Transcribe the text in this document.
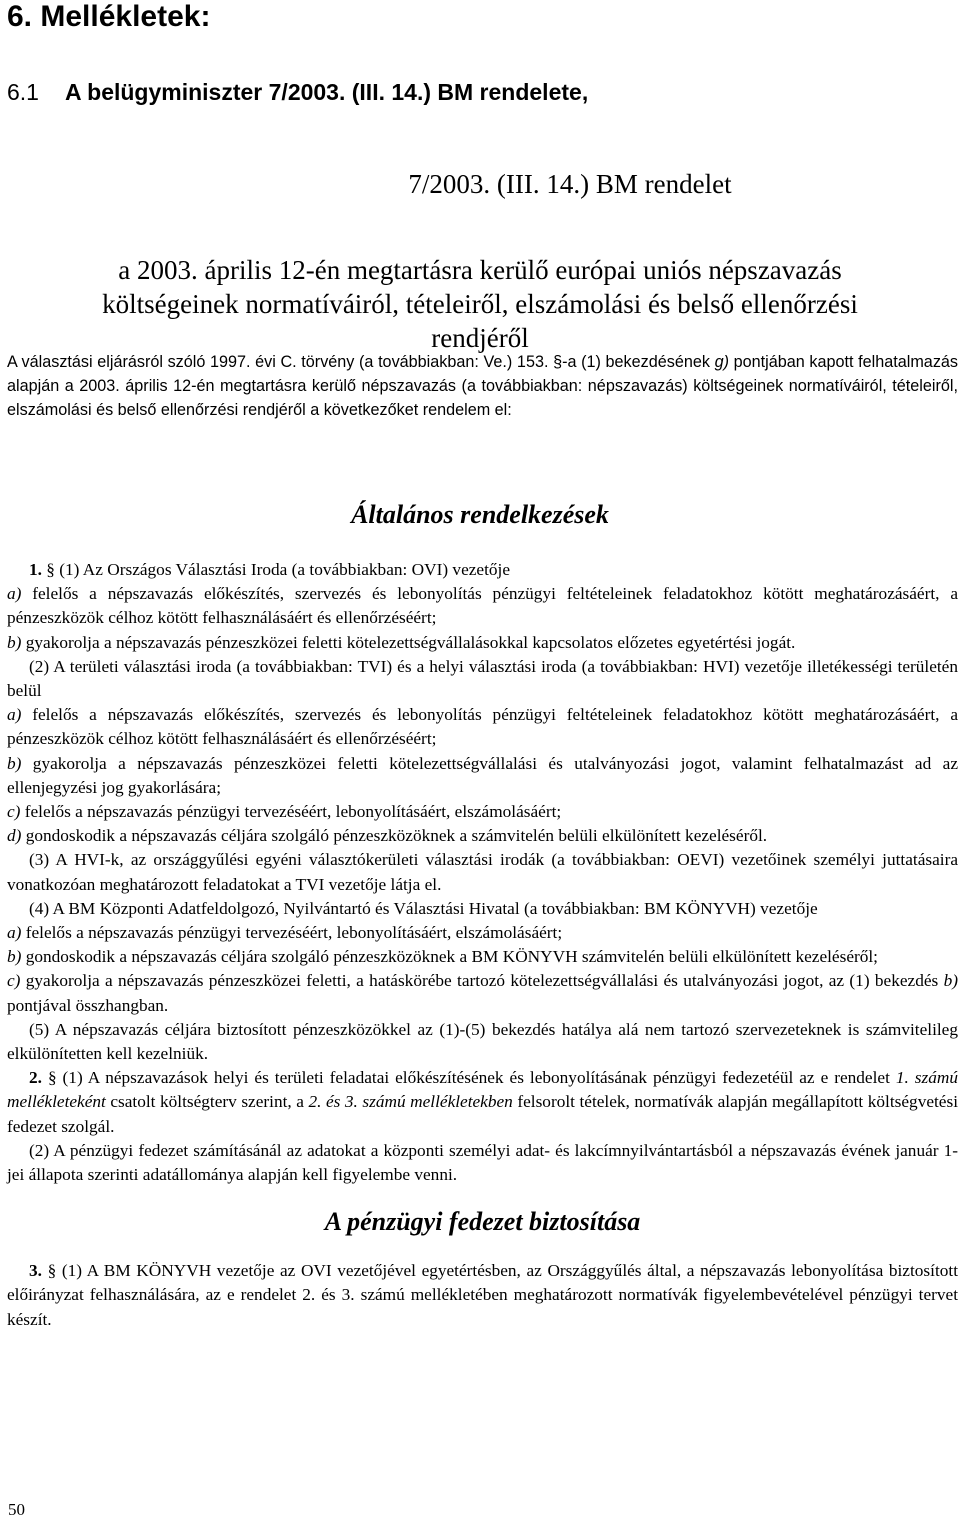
6. Mellékletek:
6.1 A belügyminiszter 7/2003. (III. 14.) BM rendelete,
7/2003. (III. 14.) BM rendelet
a 2003. április 12-én megtartásra kerülő európai uniós népszavazás
költségeinek normatíváiról, tételeiről, elszámolási és belső ellenőrzési
rendjéről
A választási eljárásról szóló 1997. évi C. törvény (a továbbiakban: Ve.) 153. §-a (1) bekezdésének g) pontjában kapott felhatalmazás alapján a 2003. április 12-én megtartásra kerülő népszavazás (a továbbiakban: népszavazás) költségeinek normatíváiról, tételeiről, elszámolási és belső ellenőrzési rendjéről a következőket rendelem el:
Általános rendelkezések

1. § (1) Az Országos Választási Iroda (a továbbiakban: OVI) vezetője

a) felelős a népszavazás előkészítés, szervezés és lebonyolítás pénzügyi feltételeinek feladatokhoz kötött meghatározásáért, a pénzeszközök célhoz kötött felhasználásáért és ellenőrzéséért;

b) gyakorolja a népszavazás pénzeszközei feletti kötelezettségvállalásokkal kapcsolatos előzetes egyetértési jogát.

(2) A területi választási iroda (a továbbiakban: TVI) és a helyi választási iroda (a továbbiakban: HVI) vezetője illetékességi területén belül

a) felelős a népszavazás előkészítés, szervezés és lebonyolítás pénzügyi feltételeinek feladatokhoz kötött meghatározásáért, a pénzeszközök célhoz kötött felhasználásáért és ellenőrzéséért;

b) gyakorolja a népszavazás pénzeszközei feletti kötelezettségvállalási és utalványozási jogot, valamint felhatalmazást ad az ellenjegyzési jog gyakorlására;

c) felelős a népszavazás pénzügyi tervezéséért, lebonyolításáért, elszámolásáért;

d) gondoskodik a népszavazás céljára szolgáló pénzeszközöknek a számvitelén belüli elkülönített kezeléséről.

(3) A HVI-k, az országgyűlési egyéni választókerületi választási irodák (a továbbiakban: OEVI) vezetőinek személyi juttatásaira vonatkozóan meghatározott feladatokat a TVI vezetője látja el.

(4) A BM Központi Adatfeldolgozó, Nyilvántartó és Választási Hivatal (a továbbiakban: BM KÖNYVH) vezetője

a) felelős a népszavazás pénzügyi tervezéséért, lebonyolításáért, elszámolásáért;

b) gondoskodik a népszavazás céljára szolgáló pénzeszközöknek a BM KÖNYVH számvitelén belüli elkülönített kezeléséről;

c) gyakorolja a népszavazás pénzeszközei feletti, a hatáskörébe tartozó kötelezettségvállalási és utalványozási jogot, az (1) bekezdés b) pontjával összhangban.

(5) A népszavazás céljára biztosított pénzeszközökkel az (1)-(5) bekezdés hatálya alá nem tartozó szervezeteknek is számvitelileg elkülönítetten kell kezelniük.

2. § (1) A népszavazások helyi és területi feladatai előkészítésének és lebonyolításának pénzügyi fedezetéül az e rendelet 1. számú mellékleteként csatolt költségterv szerint, a 2. és 3. számú mellékletekben felsorolt tételek, normatívák alapján megállapított költségvetési fedezet szolgál.

(2) A pénzügyi fedezet számításánál az adatokat a központi személyi adat- és lakcímnyilvántartásból a népszavazás évének január 1-jei állapota szerinti adatállománya alapján kell figyelembe venni.

A pénzügyi fedezet biztosítása

3. § (1) A BM KÖNYVH vezetője az OVI vezetőjével egyetértésben, az Országgyűlés által, a népszavazás lebonyolítása biztosított előirányzat felhasználására, az e rendelet 2. és 3. számú mellékletében meghatározott normatívák figyelembevételével pénzügyi tervet készít.

50
